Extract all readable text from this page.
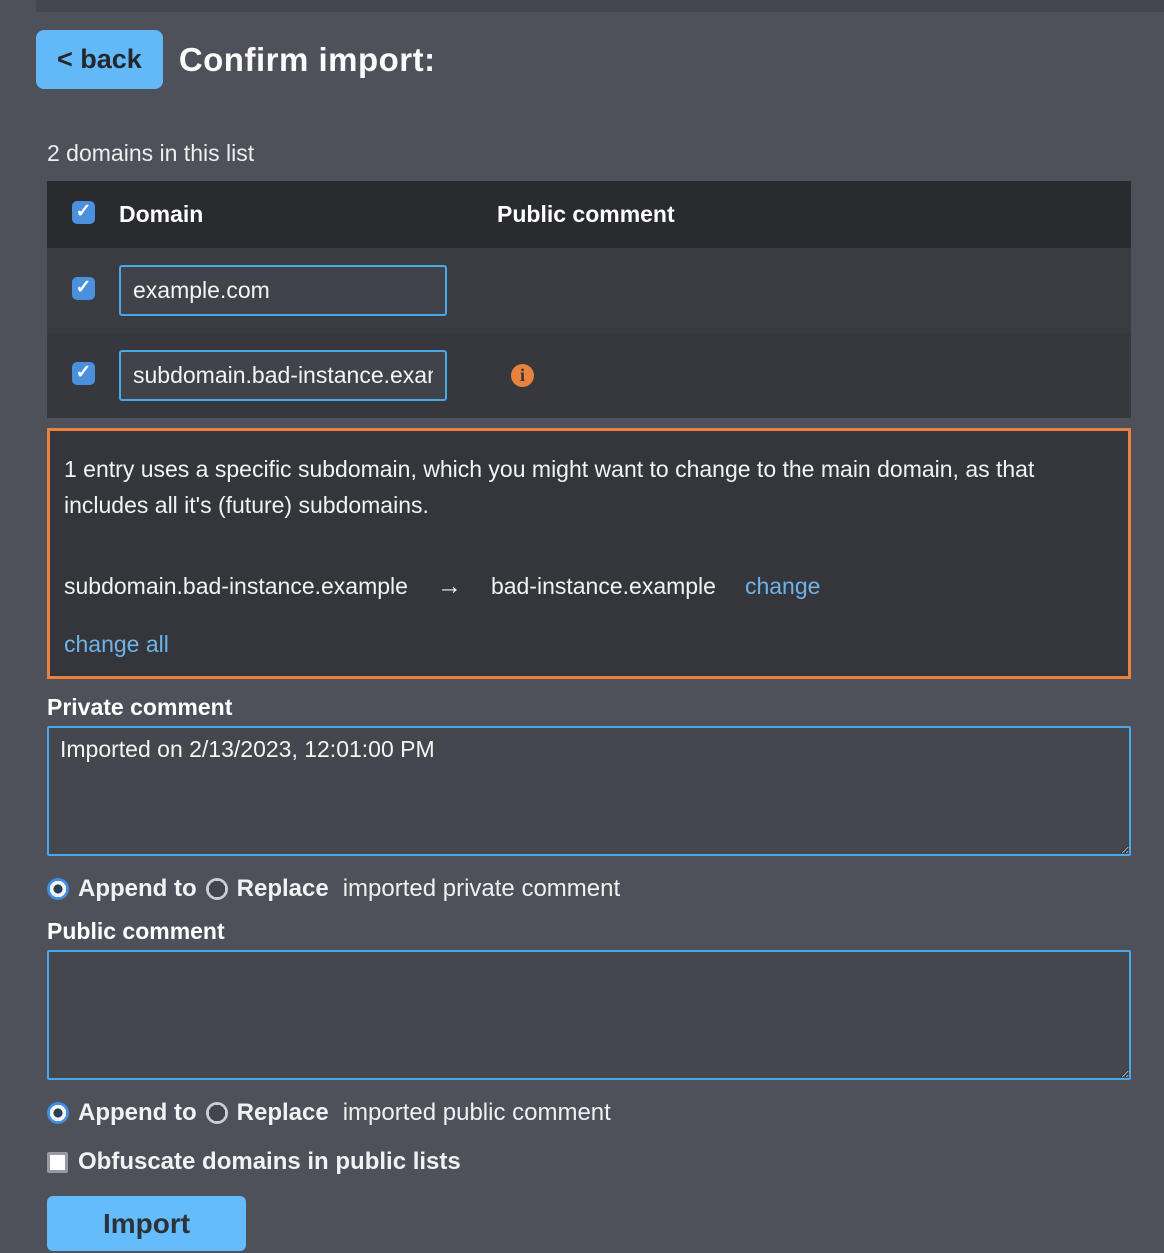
< back	Confirm import:
2 domains in this list
✓
Domain	Public comment
✓
example.com
✓
subdomain.bad-instance.example
i
1 entry uses a specific subdomain, which you might want to change to the main domain, as that includes all it's (future) subdomains.
subdomain.bad-instance.example → bad-instance.example change
change all
Private comment
Imported on 2/13/2023, 12:01:00 PM
Append to Replace imported private comment
Public comment
Append to Replace imported public comment
Obfuscate domains in public lists
Import
